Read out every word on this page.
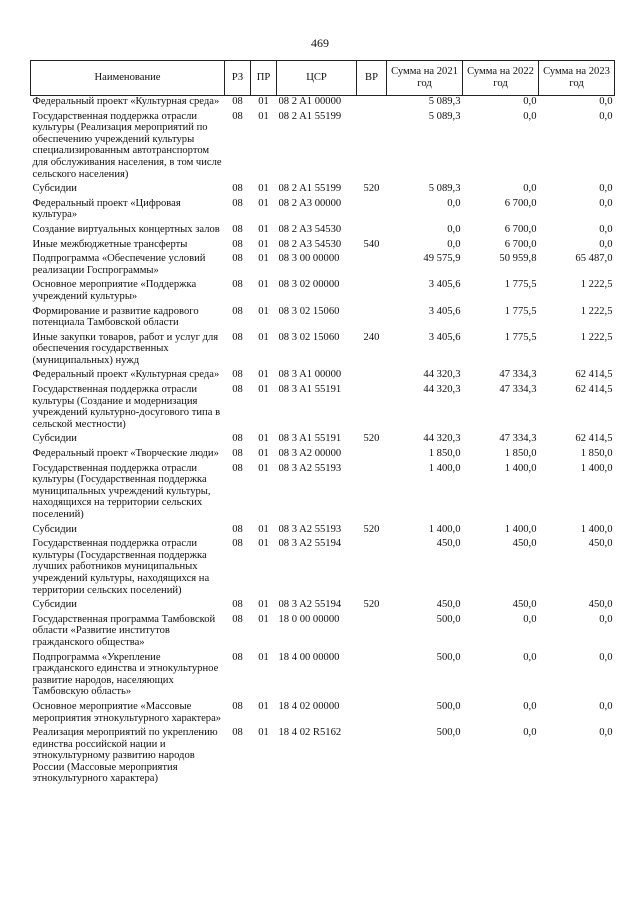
469
Наименование	РЗ	ПР	ЦСР	ВР	Сумма на 2021 год	Сумма на 2022 год	Сумма на 2023 год
Федеральный проект «Культурная среда»	08	01	08 2 A1 00000		5 089,3	0,0	0,0
Государственная поддержка отрасли культуры (Реализация мероприятий по обеспечению учреждений культуры специализированным автотранспортом для обслуживания населения, в том числе сельского населения)	08	01	08 2 A1 55199		5 089,3	0,0	0,0
Субсидии	08	01	08 2 A1 55199	520	5 089,3	0,0	0,0
Федеральный проект «Цифровая культура»	08	01	08 2 A3 00000		0,0	6 700,0	0,0
Создание виртуальных концертных залов	08	01	08 2 A3 54530		0,0	6 700,0	0,0
Иные межбюджетные трансферты	08	01	08 2 A3 54530	540	0,0	6 700,0	0,0
Подпрограмма «Обеспечение условий реализации Госпрограммы»	08	01	08 3 00 00000		49 575,9	50 959,8	65 487,0
Основное мероприятие «Поддержка учреждений культуры»	08	01	08 3 02 00000		3 405,6	1 775,5	1 222,5
Формирование и развитие кадрового потенциала Тамбовской области	08	01	08 3 02 15060		3 405,6	1 775,5	1 222,5
Иные закупки товаров, работ и услуг для обеспечения государственных (муниципальных) нужд	08	01	08 3 02 15060	240	3 405,6	1 775,5	1 222,5
Федеральный проект «Культурная среда»	08	01	08 3 A1 00000		44 320,3	47 334,3	62 414,5
Государственная поддержка отрасли культуры (Создание и модернизация учреждений культурно-досугового типа в сельской местности)	08	01	08 3 A1 55191		44 320,3	47 334,3	62 414,5
Субсидии	08	01	08 3 A1 55191	520	44 320,3	47 334,3	62 414,5
Федеральный проект «Творческие люди»	08	01	08 3 A2 00000		1 850,0	1 850,0	1 850,0
Государственная поддержка отрасли культуры (Государственная поддержка муниципальных учреждений культуры, находящихся на территории сельских поселений)	08	01	08 3 A2 55193		1 400,0	1 400,0	1 400,0
Субсидии	08	01	08 3 A2 55193	520	1 400,0	1 400,0	1 400,0
Государственная поддержка отрасли культуры (Государственная поддержка лучших работников муниципальных учреждений культуры, находящихся на территории сельских поселений)	08	01	08 3 A2 55194		450,0	450,0	450,0
Субсидии	08	01	08 3 A2 55194	520	450,0	450,0	450,0
Государственная программа Тамбовской области «Развитие институтов гражданского общества»	08	01	18 0 00 00000		500,0	0,0	0,0
Подпрограмма «Укрепление гражданского единства и этнокультурное развитие народов, населяющих Тамбовскую область»	08	01	18 4 00 00000		500,0	0,0	0,0
Основное мероприятие «Массовые мероприятия этнокультурного характера»	08	01	18 4 02 00000		500,0	0,0	0,0
Реализация мероприятий по укреплению единства российской нации и этнокультурному развитию народов России (Массовые мероприятия этнокультурного характера)	08	01	18 4 02 R5162		500,0	0,0	0,0
